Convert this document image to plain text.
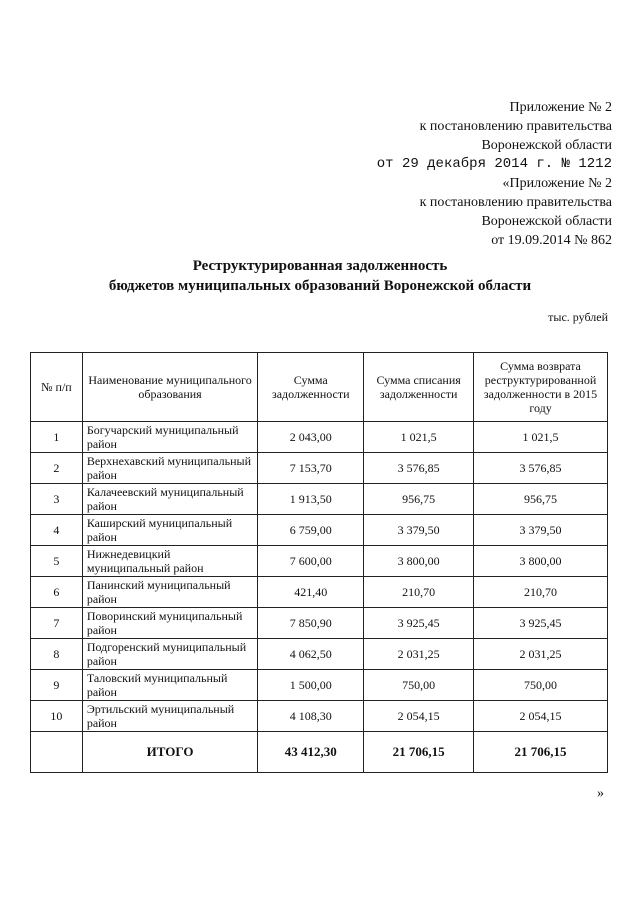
Приложение № 2
к постановлению правительства
Воронежской области
от 29 декабря 2014 г. № 1212
«Приложение № 2
к постановлению правительства
Воронежской области
от 19.09.2014 № 862
Реструктурированная задолженность
бюджетов муниципальных образований Воронежской области
тыс. рублей
№ п/п	Наименование муниципального образования	Сумма задолженности	Сумма списания задолженности	Сумма возврата реструктурированной задолженности в 2015 году
1	Богучарский муниципальный район	2 043,00	1 021,5	1 021,5
2	Верхнехавский муниципальный район	7 153,70	3 576,85	3 576,85
3	Калачеевский муниципальный район	1 913,50	956,75	956,75
4	Каширский муниципальный район	6 759,00	3 379,50	3 379,50
5	Нижнедевицкий муниципальный район	7 600,00	3 800,00	3 800,00
6	Панинский муниципальный район	421,40	210,70	210,70
7	Поворинский муниципальный район	7 850,90	3 925,45	3 925,45
8	Подгоренский муниципальный район	4 062,50	2 031,25	2 031,25
9	Таловский муниципальный район	1 500,00	750,00	750,00
10	Эртильский муниципальный район	4 108,30	2 054,15	2 054,15
	ИТОГО	43 412,30	21 706,15	21 706,15
»
